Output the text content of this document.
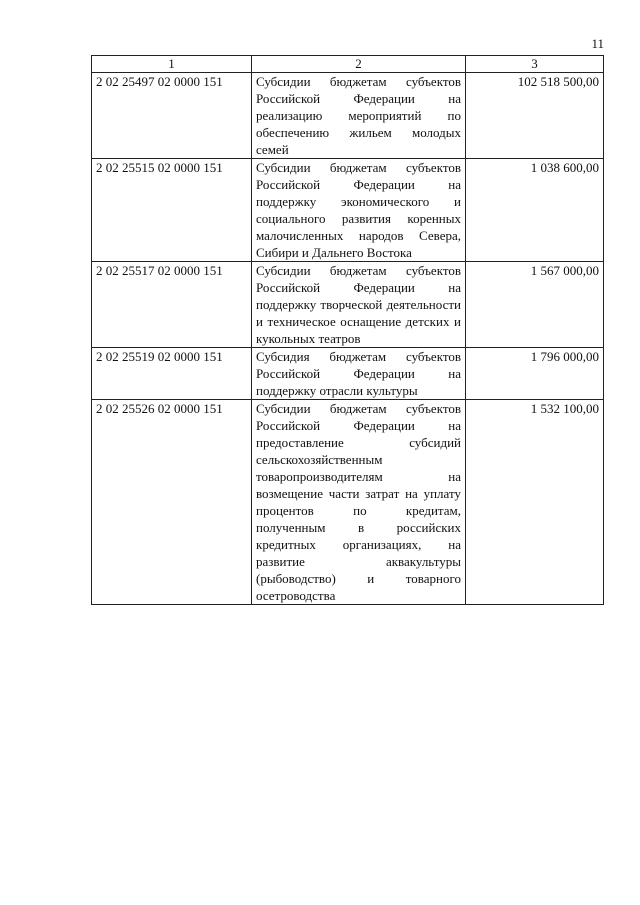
11
1	2	3
2 02 25497 02 0000 151	Субсидии бюджетам субъектов Российской Федерации на реализацию мероприятий по обеспечению жильем молодых семей	102 518 500,00
2 02 25515 02 0000 151	Субсидии бюджетам субъектов Российской Федерации на поддержку экономического и социального развития коренных малочисленных народов Севера, Сибири и Дальнего Востока	1 038 600,00
2 02 25517 02 0000 151	Субсидии бюджетам субъектов Российской Федерации на поддержку творческой деятельности и техническое оснащение детских и кукольных театров	1 567 000,00
2 02 25519 02 0000 151	Субсидия бюджетам субъектов Российской Федерации на поддержку отрасли культуры	1 796 000,00
2 02 25526 02 0000 151	Субсидии бюджетам субъектов Российской Федерации на предоставление субсидий сельскохозяйственным товаропроизводителям на возмещение части затрат на уплату процентов по кредитам, полученным в российских кредитных организациях, на развитие аквакультуры (рыбоводство) и товарного осетроводства	1 532 100,00
